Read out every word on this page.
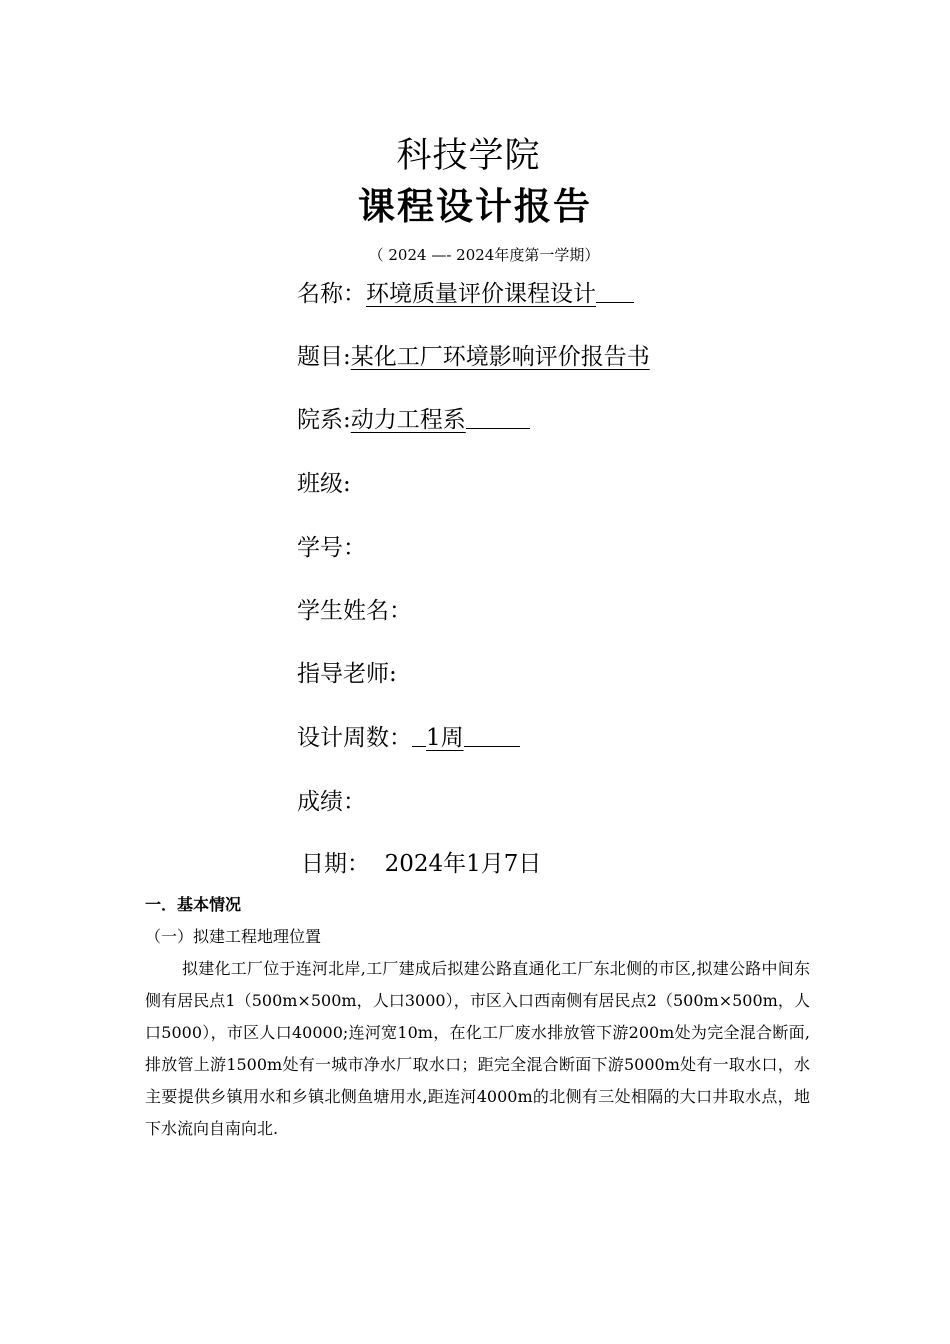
科技学院
课程设计报告
（ 2024 —- 2024年度第一学期）
名称：环境质量评价课程设计
题目:某化工厂环境影响评价报告书
院系:动力工程系
班级:
学号：
学生姓名：
指导老师:
设计周数： 1周
成绩：
日期： 2024年1月7日
一．基本情况
（一）拟建工程地理位置
拟建化工厂位于连河北岸,工厂建成后拟建公路直通化工厂东北侧的市区,拟建公路中间东侧有居民点1（500m×500m，人口3000），市区入口西南侧有居民点2（500m×500m，人口5000），市区人口40000;连河宽10m，在化工厂废水排放管下游200m处为完全混合断面,排放管上游1500m处有一城市净水厂取水口；距完全混合断面下游5000m处有一取水口，水主要提供乡镇用水和乡镇北侧鱼塘用水,距连河4000m的北侧有三处相隔的大口井取水点，地下水流向自南向北.
